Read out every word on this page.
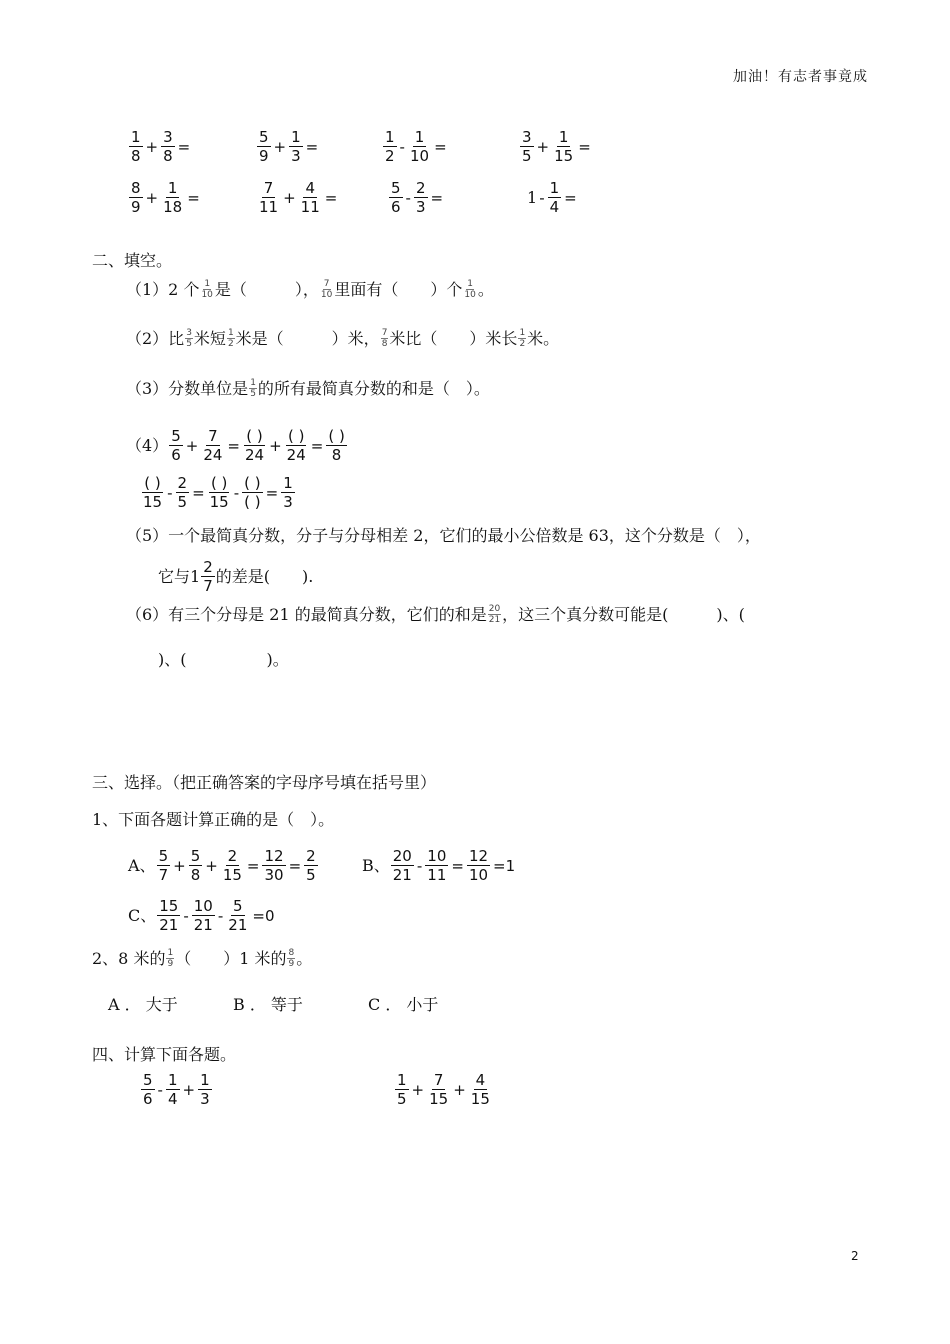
加油！有志者事竟成
$\frac{1}{8} + \frac{3}{8}$ =	$\frac{5}{9} + \frac{1}{3}$ =	$\frac{1}{2} - \frac{1}{10}$ =	$\frac{3}{5} + \frac{1}{15}$ =
$\frac{8}{9} + \frac{1}{18}$ =	$\frac{7}{11} + \frac{4}{11}$ =	$\frac{5}{6} - \frac{2}{3}$ =	$1 - \frac{1}{4}$ =
二、填空。
（1）2 个 $\frac{1}{10}$ 是（　　　）， $\frac{7}{10}$ 里面有（　　）个 $\frac{1}{10}$ 。
（2）比 $\frac{3}{5}$ 米短 $\frac{1}{2}$ 米是（　　　）米， $\frac{7}{8}$ 米比（　　）米长 $\frac{1}{2}$ 米。
（3）分数单位是 $\frac{1}{5}$ 的所有最简真分数的和是（　）。
$(4) \frac{5}{6} + \frac{7}{24} = \frac{( )}{24} + \frac{( )}{24} = \frac{( )}{8}$
$\frac{( )}{15} - \frac{2}{5} = \frac{( )}{15} - \frac{( )}{( )} = \frac{1}{3}$
（5）一个最简真分数，分子与分母相差 2，它们的最小公倍数是 63，这个分数是（　），
它与 $1 \frac{2}{7}$ 的差是(　　).
（6）有三个分母是 21 的最简真分数，它们的和是 $\frac{20}{21}$ ，这三个真分数可能是(　　　)、(
)、(　　　　　)。
三、选择。（把正确答案的字母序号填在括号里）
1、下面各题计算正确的是（　）。
A、 $\frac{5}{7} + \frac{5}{8} + \frac{2}{15} = \frac{12}{30} = \frac{2}{5}$	B、 $\frac{20}{21} - \frac{10}{11} = \frac{12}{10} =1$
C、 $\frac{15}{21} - \frac{10}{21} - \frac{5}{21} =0$
2、8 米的 $\frac{1}{9}$ （　　）1 米的 $\frac{8}{9}$ 。
A ． 大于	B ． 等于	C ． 小于
四、计算下面各题。
$\frac{5}{6} - \frac{1}{4} + \frac{1}{3}$	$\frac{1}{5} + \frac{7}{15} + \frac{4}{15}$
2
